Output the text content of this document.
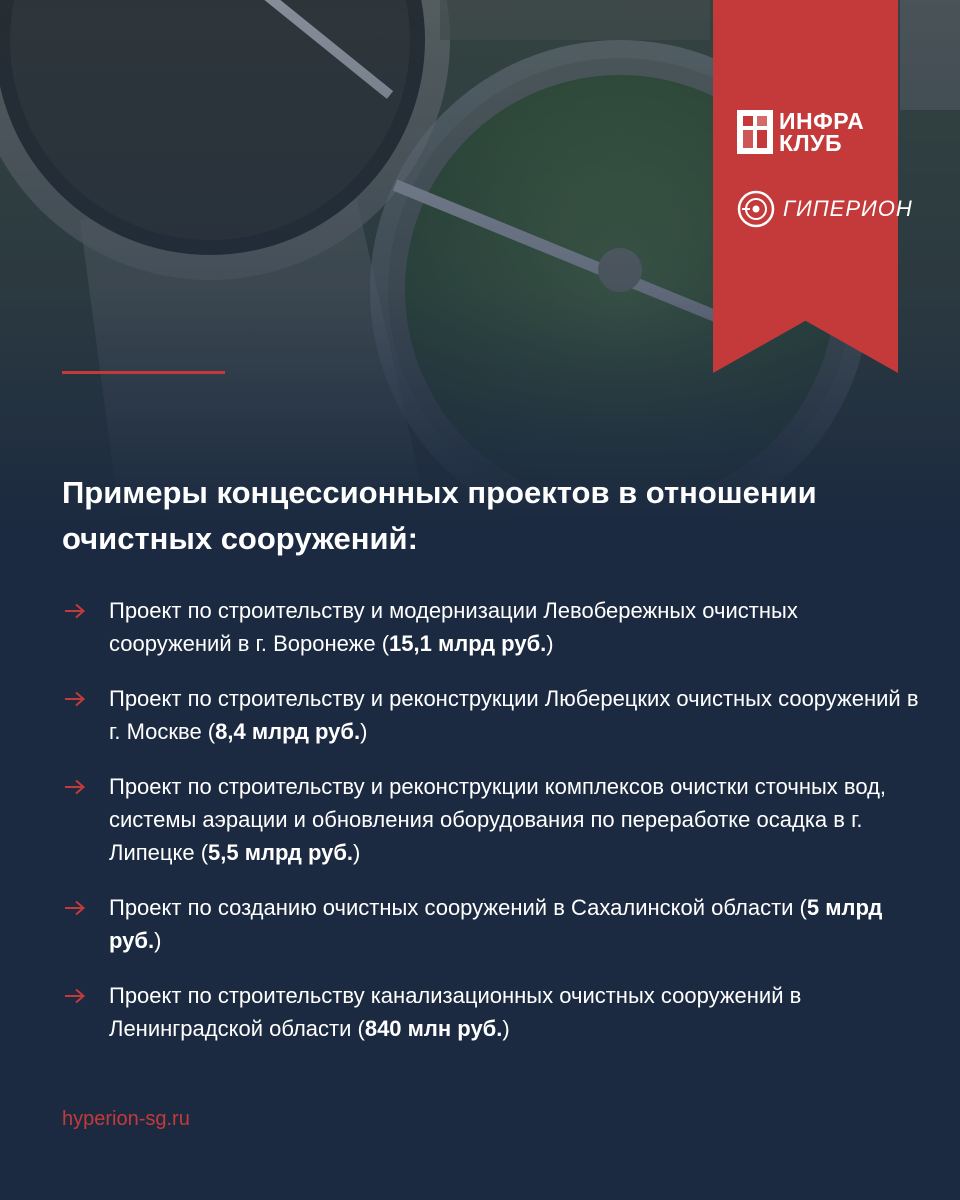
ИНФРА
КЛУБ
ГИПЕРИОН
Примеры концессионных проектов в отношении очистных сооружений:
Проект по строительству и модернизации Левобережных очистных сооружений в г. Воронеже (15,1 млрд руб.)
Проект по строительству и реконструкции Люберецких очистных сооружений в г. Москве (8,4 млрд руб.)
Проект по строительству и реконструкции комплексов очистки сточных вод, системы аэрации и обновления оборудования по переработке осадка в г. Липецке (5,5 млрд руб.)
Проект по созданию очистных сооружений в Сахалинской области (5 млрд руб.)
Проект по строительству канализационных очистных сооружений в Ленинградской области (840 млн руб.)
hyperion-sg.ru
